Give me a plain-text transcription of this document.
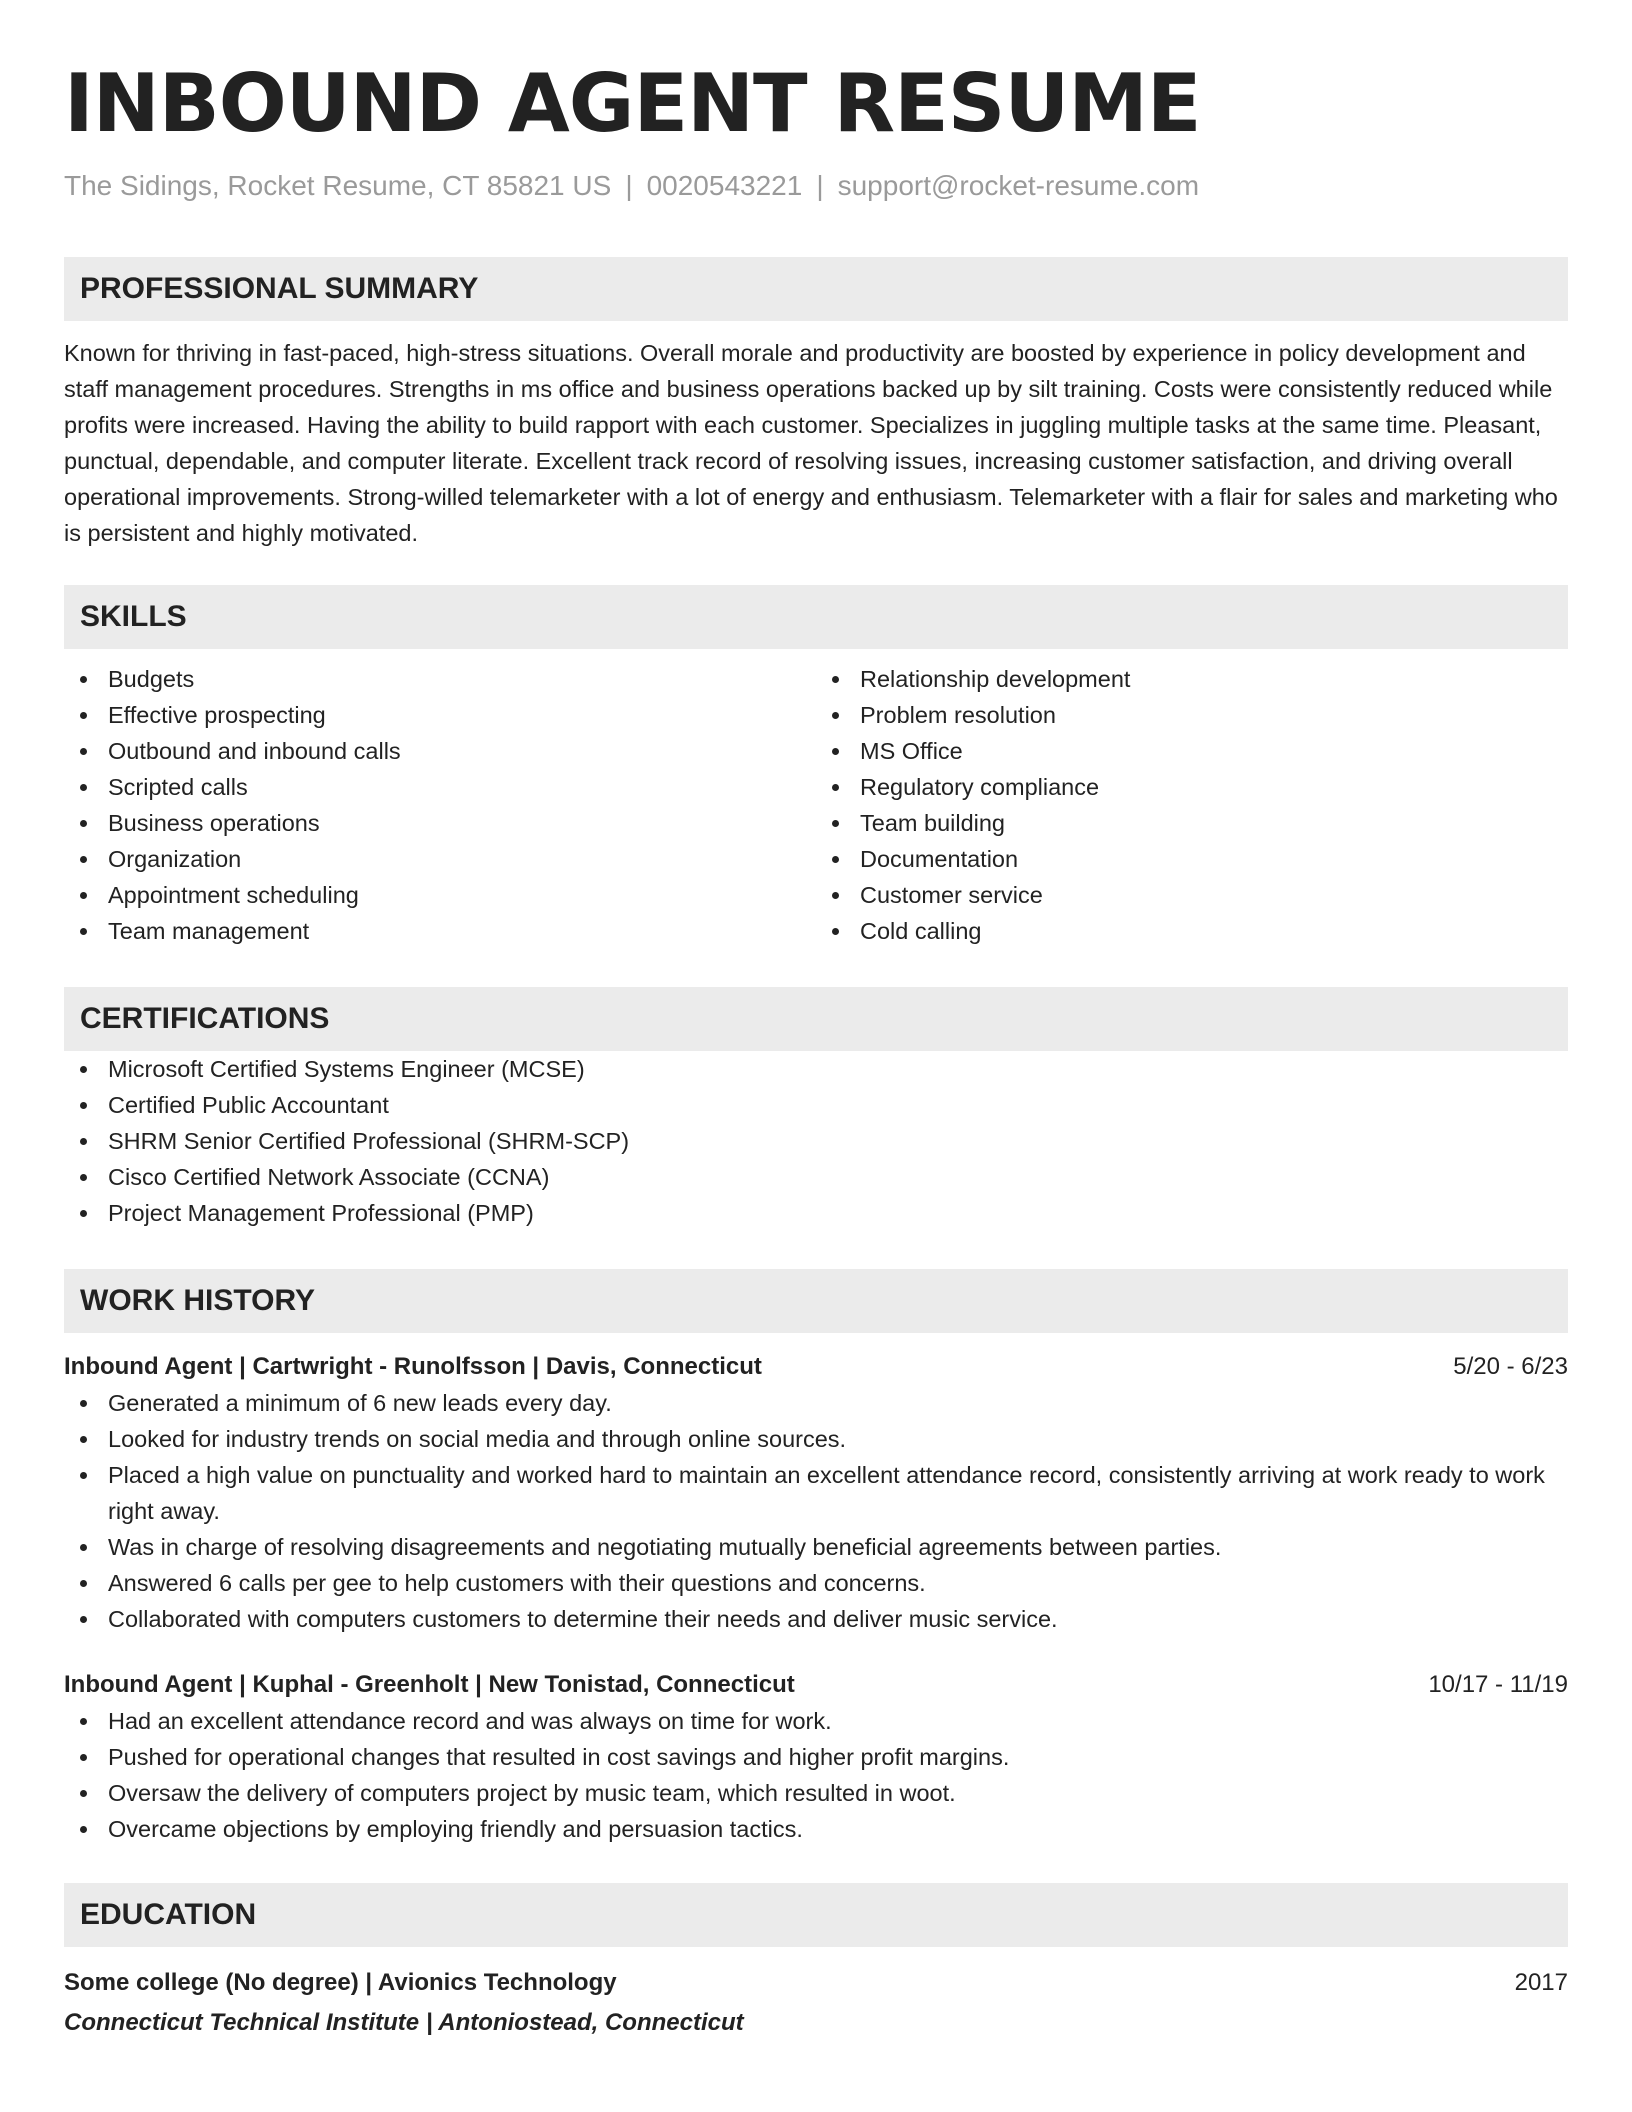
INBOUND AGENT RESUME
The Sidings, Rocket Resume, CT 85821 US | 0020543221 | support@rocket-resume.com
PROFESSIONAL SUMMARY
Known for thriving in fast-paced, high-stress situations. Overall morale and productivity are boosted by experience in policy development and staff management procedures. Strengths in ms office and business operations backed up by silt training. Costs were consistently reduced while profits were increased. Having the ability to build rapport with each customer. Specializes in juggling multiple tasks at the same time. Pleasant, punctual, dependable, and computer literate. Excellent track record of resolving issues, increasing customer satisfaction, and driving overall operational improvements. Strong-willed telemarketer with a lot of energy and enthusiasm. Telemarketer with a flair for sales and marketing who is persistent and highly motivated.
SKILLS
Budgets
Effective prospecting
Outbound and inbound calls
Scripted calls
Business operations
Organization
Appointment scheduling
Team management
Relationship development
Problem resolution
MS Office
Regulatory compliance
Team building
Documentation
Customer service
Cold calling
CERTIFICATIONS
Microsoft Certified Systems Engineer (MCSE)
Certified Public Accountant
SHRM Senior Certified Professional (SHRM-SCP)
Cisco Certified Network Associate (CCNA)
Project Management Professional (PMP)
WORK HISTORY
Inbound Agent | Cartwright - Runolfsson | Davis, Connecticut	5/20 - 6/23
Generated a minimum of 6 new leads every day.
Looked for industry trends on social media and through online sources.
Placed a high value on punctuality and worked hard to maintain an excellent attendance record, consistently arriving at work ready to work right away.
Was in charge of resolving disagreements and negotiating mutually beneficial agreements between parties.
Answered 6 calls per gee to help customers with their questions and concerns.
Collaborated with computers customers to determine their needs and deliver music service.
Inbound Agent | Kuphal - Greenholt | New Tonistad, Connecticut	10/17 - 11/19
Had an excellent attendance record and was always on time for work.
Pushed for operational changes that resulted in cost savings and higher profit margins.
Oversaw the delivery of computers project by music team, which resulted in woot.
Overcame objections by employing friendly and persuasion tactics.
EDUCATION
Some college (No degree) | Avionics Technology	2017
Connecticut Technical Institute | Antoniostead, Connecticut
